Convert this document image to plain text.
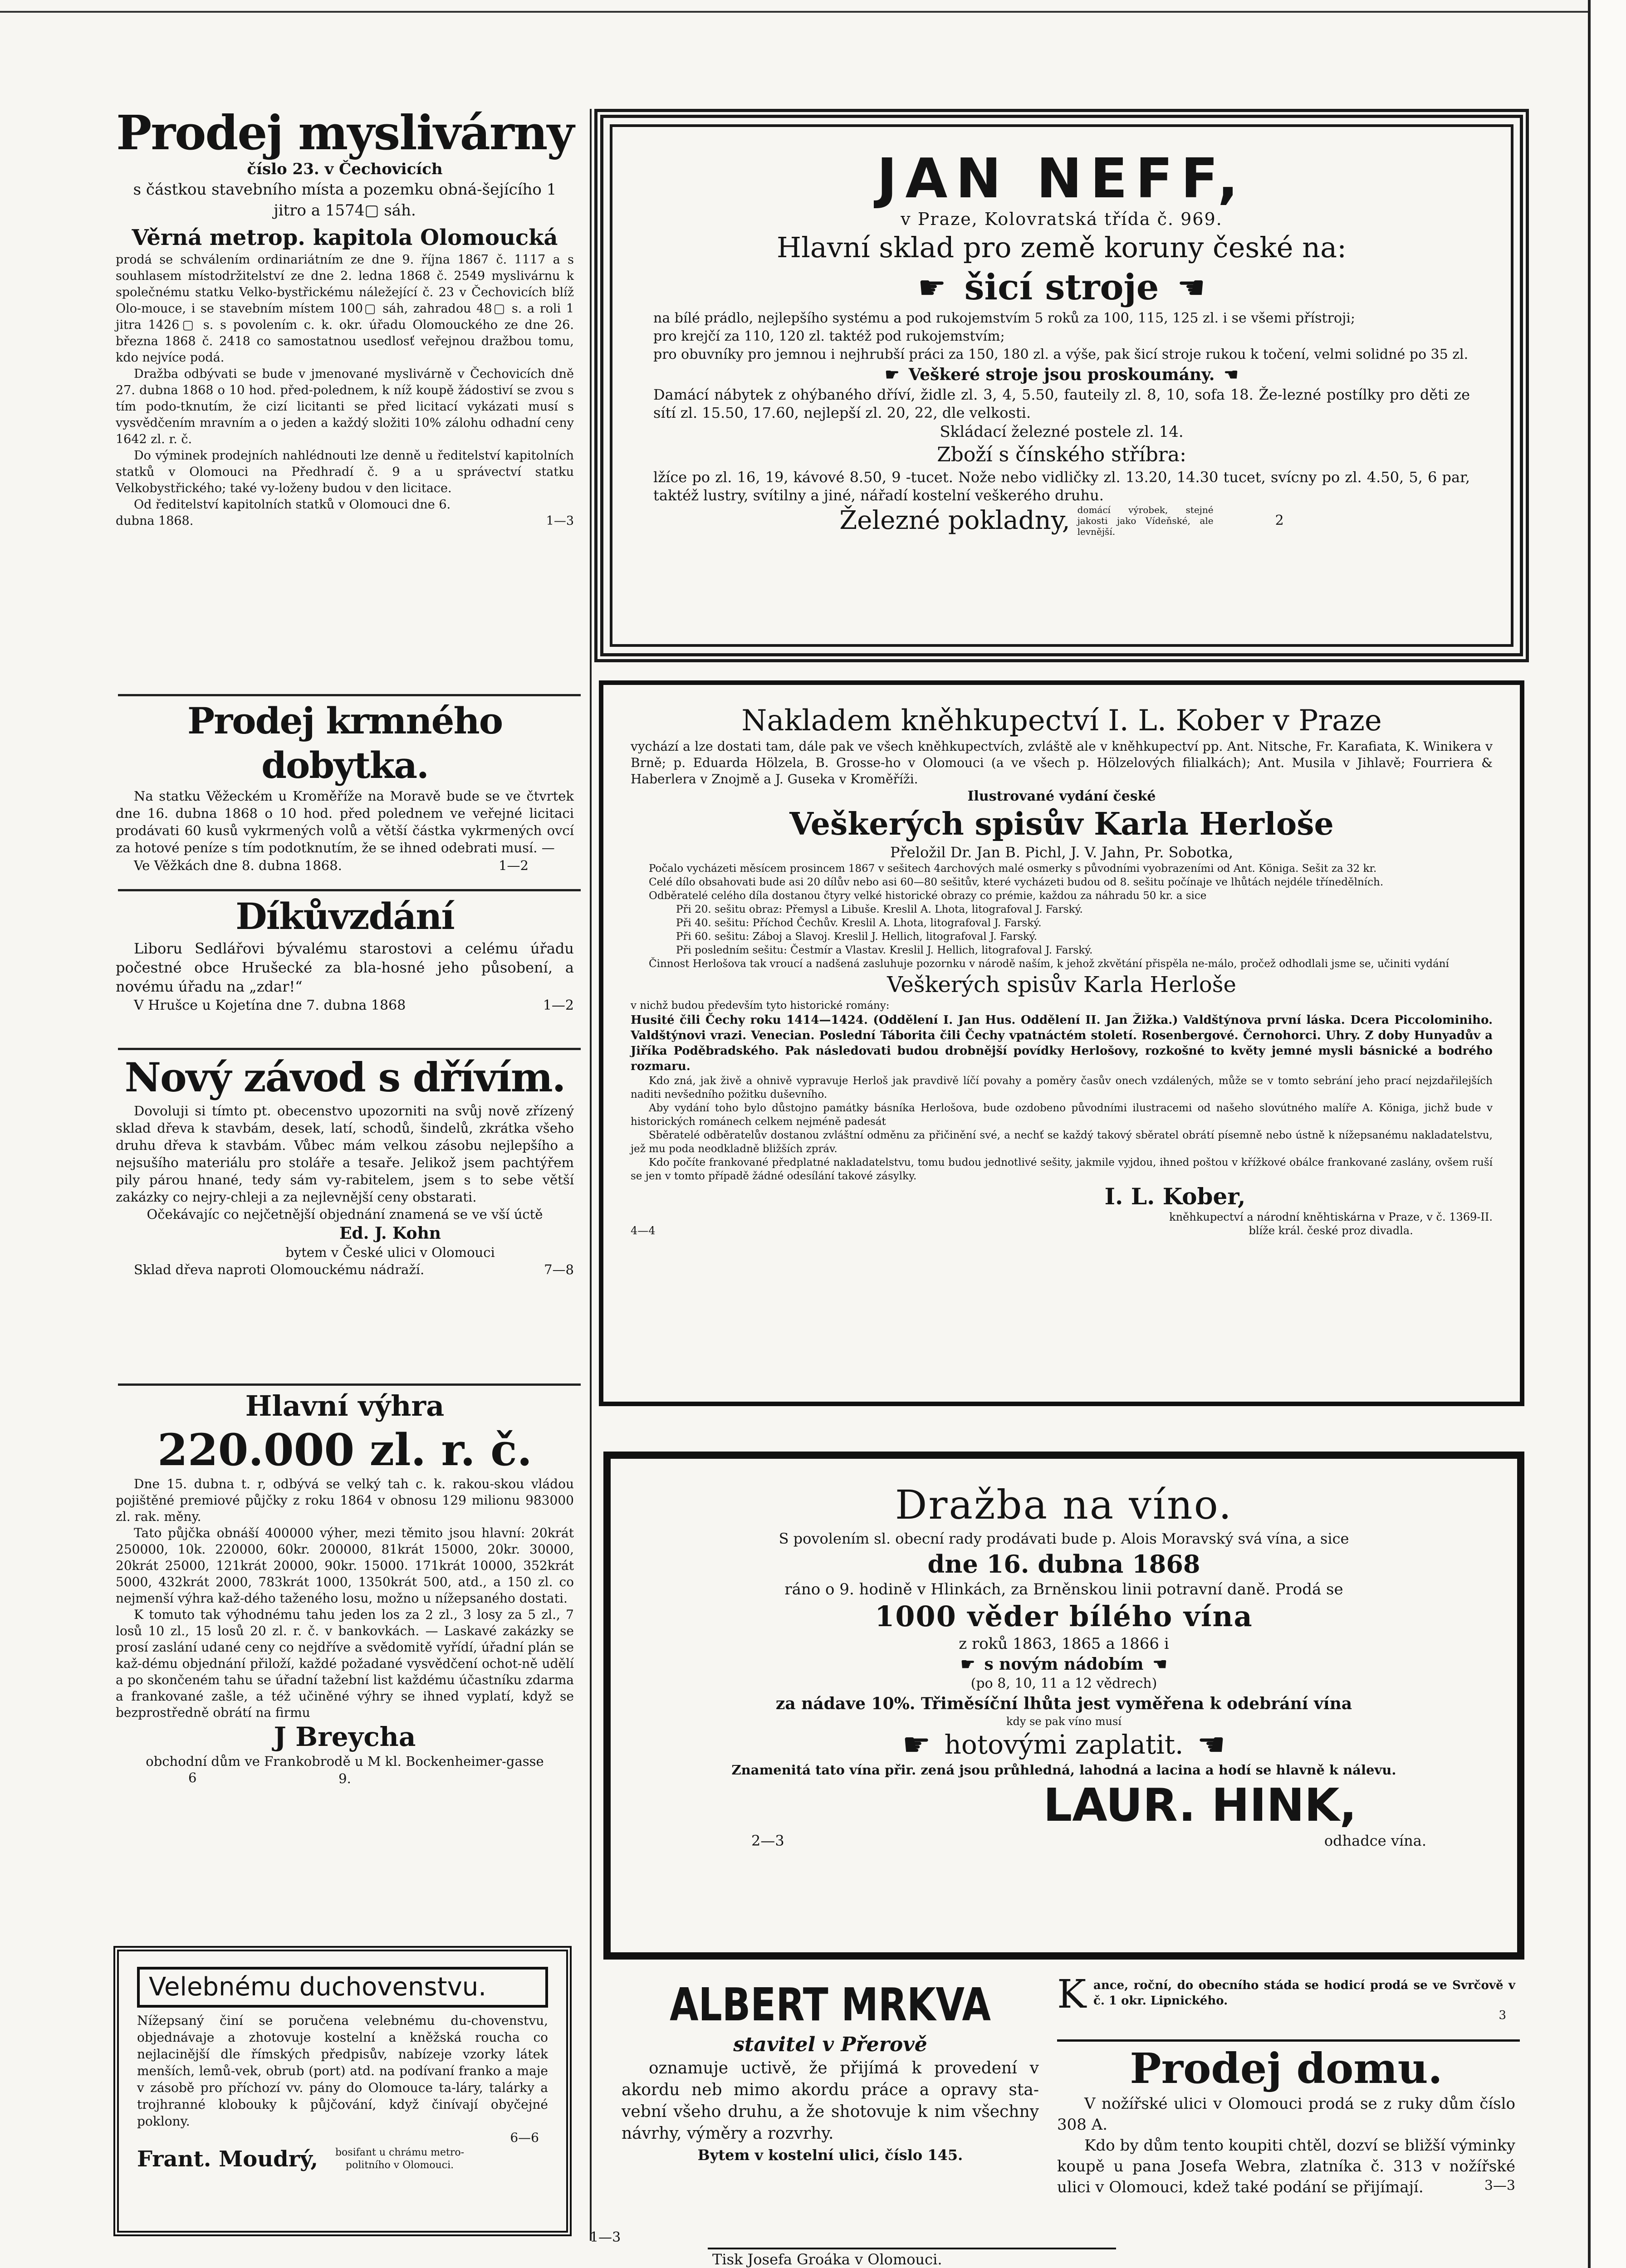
Prodej myslivárny
číslo 23. v Čechovicích
s částkou stavebního místa a pozemku obná-šejícího 1 jitro a 1574▢ sáh.
Věrná metrop. kapitola Olomoucká
prodá se schválením ordinariátním ze dne 9. října 1867 č. 1117 a s souhlasem místodržitelství ze dne 2. ledna 1868 č. 2549 myslivárnu k společnému statku Velko-bystřickému náležející č. 23 v Čechovicích blíž Olo-mouce, i se stavebním místem 100▢ sáh, zahradou 48▢ s. a roli 1 jitra 1426▢ s. s povolením c. k. okr. úřadu Olomouckého ze dne 26. března 1868 č. 2418 co samostatnou usedlosť veřejnou dražbou tomu, kdo nejvíce podá.
Dražba odbývati se bude v jmenované myslivárně v Čechovicích dně 27. dubna 1868 o 10 hod. před-polednem, k níž koupě žádostiví se zvou s tím podo-tknutím, že cizí licitanti se před licitací vykázati musí s vysvědčením mravním a o jeden a každý složiti 10% zálohu odhadní ceny 1642 zl. r. č.
Do výminek prodejních nahlédnouti lze denně u ředitelství kapitolních statků v Olomouci na Předhradí č. 9 a u správectví statku Velkobystřického; také vy-loženy budou v den licitace.
Od ředitelství kapitolních statků v Olomouci dne 6. dubna 1868.	1—3
Prodej krmného dobytka.
Na statku Věžeckém u Kroměříže na Moravě bude se ve čtvrtek dne 16. dubna 1868 o 10 hod. před polednem ve veřejné licitaci prodávati 60 kusů vykrmených volů a větší částka vykrmených ovcí za hotové peníze s tím podotknutím, že se ihned odebrati musí. —
Ve Věžkách dne 8. dubna 1868.	1—2
Díkůvzdání
Liboru Sedlářovi bývalému starostovi a celému úřadu počestné obce Hrušecké za bla-hosné jeho působení, a novému úřadu na „zdar!“
V Hrušce u Kojetína dne 7. dubna 1868	1—2
Nový závod s dřívím.
Dovoluji si tímto pt. obecenstvo upozorniti na svůj nově zřízený sklad dřeva k stavbám, desek, latí, schodů, šindelů, zkrátka všeho druhu dřeva k stavbám. Vůbec mám velkou zásobu nejlepšího a nejsušího materiálu pro stoláře a tesaře. Jelikož jsem pachtýřem pily párou hnané, tedy sám vy-rabitelem, jsem s to sebe větší zakázky co nejry-chleji a za nejlevnější ceny obstarati.
Očekávajíc co nejčetnější objednání znamená se ve vší úctě
Ed. J. Kohn
bytem v České ulici v Olomouci
Sklad dřeva naproti Olomouckému nádraží.	7—8
Hlavní výhra
220.000 zl. r. č.
Dne 15. dubna t. r, odbývá se velký tah c. k. rakou-skou vládou pojištěné premiové půjčky z roku 1864 v obnosu 129 milionu 983000 zl. rak. měny.
Tato půjčka obnáší 400000 výher, mezi těmito jsou hlavní: 20krát 250000, 10k. 220000, 60kr. 200000, 81krát 15000, 20kr. 30000, 20krát 25000, 121krát 20000, 90kr. 15000. 171krát 10000, 352krát 5000, 432krát 2000, 783krát 1000, 1350krát 500, atd., a 150 zl. co nejmenší výhra kaž-dého taženého losu, možno u nížepsaného dostati.
K tomuto tak výhodnému tahu jeden los za 2 zl., 3 losy za 5 zl., 7 losů 10 zl., 15 losů 20 zl. r. č. v bankovkách. — Laskavé zakázky se prosí zaslání udané ceny co nejdříve a svědomitě vyřídí, úřadní plán se kaž-dému objednání přiloží, každé požadané vysvědčení ochot-ně udělí a po skončeném tahu se úřadní tažební list každému účastníku zdarma a frankované zašle, a též učiněné výhry se ihned vyplatí, když se bezprostředně obrátí na firmu
J Breycha
obchodní dům ve Frankobrodě u M kl. Bockenheimer-gasse 9.
6
Velebnému duchovenstvu.
Nížepsaný činí se poručena velebnému du-chovenstvu, objednávaje a zhotovuje kostelní a kněžská roucha co nejlacinější dle římských předpisův, nabízeje vzorky látek menších, lemů-vek, obrub (port) atd. na podívaní franko a maje v zásobě pro příchozí vv. pány do Olomouce ta-láry, talárky a trojhranné klobouky k půjčování, když činívají obyčejné poklony.
6—6
Frant. Moudrý,	bosifant u chrámu metro-politního v Olomouci.
JAN NEFF,
v Praze, Kolovratská třída č. 969.
Hlavní sklad pro země koruny české na:
☛ šicí stroje ☚
na bílé prádlo, nejlepšího systému a pod rukojemstvím 5 roků za 100, 115, 125 zl. i se všemi přístroji;
pro krejčí za 110, 120 zl. taktéž pod rukojemstvím;
pro obuvníky pro jemnou i nejhrubší práci za 150, 180 zl. a výše, pak šicí stroje rukou k točení, velmi solidné po 35 zl.
☛ Veškeré stroje jsou proskoumány. ☚
Damácí nábytek z ohýbaného dříví, židle zl. 3, 4, 5.50, fauteily zl. 8, 10, sofa 18. Že-lezné postílky pro děti ze sítí zl. 15.50, 17.60, nejlepší zl. 20, 22, dle velkosti.
Skládací železné postele zl. 14.
Zboží s čínského stříbra:
lžíce po zl. 16, 19, kávové 8.50, 9 -tucet. Nože nebo vidličky zl. 13.20, 14.30 tucet, svícny po zl. 4.50, 5, 6 par, taktéž lustry, svítilny a jiné, nářadí kostelní veškerého druhu.
Železné pokladny, domácí výrobek, stejné jakosti jako Vídeňské, ale levnější.
2
Nakladem kněhkupectví I. L. Kober v Praze
vychází a lze dostati tam, dále pak ve všech kněhkupectvích, zvláště ale v kněhkupectví pp. Ant. Nitsche, Fr. Karafiata, K. Winikera v Brně; p. Eduarda Hölzela, B. Grosse-ho v Olomouci (a ve všech p. Hölzelových filialkách); Ant. Musila v Jihlavě; Fourriera & Haberlera v Znojmě a J. Guseka v Kroměříži.
Ilustrované vydání české
Veškerých spisův Karla Herloše
Přeložil Dr. Jan B. Pichl, J. V. Jahn, Pr. Sobotka,
Počalo vycházeti měsícem prosincem 1867 v sešitech 4archových malé osmerky s původními vyobrazeními od Ant. Königa. Sešit za 32 kr.
Celé dílo obsahovati bude asi 20 dílův nebo asi 60—80 sešitův, které vycházeti budou od 8. sešitu počínaje ve lhůtách nejdéle třínedělních.
Odběratelé celého díla dostanou čtyry velké historické obrazy co prémie, každou za náhradu 50 kr. a sice
Při 20. sešitu obraz: Přemysl a Libuše. Kreslil A. Lhota, litografoval J. Farský.
Při 40. sešitu: Příchod Čechův. Kreslil A. Lhota, litografoval J. Farský.
Při 60. sešitu: Záboj a Slavoj. Kreslil J. Hellich, litografoval J. Farský.
Při posledním sešitu: Čestmír a Vlastav. Kreslil J. Hellich, litografoval J. Farský.
Činnost Herlošova tak vroucí a nadšená zasluhuje pozornku v národě naším, k jehož zkvětání přispěla ne-málo, pročež odhodlali jsme se, učiniti vydání
Veškerých spisův Karla Herloše
v nichž budou především tyto historické romány:
Husité čili Čechy roku 1414—1424. (Oddělení I. Jan Hus. Oddělení II. Jan Žižka.) Valdštýnova první láska. Dcera Piccolominiho. Valdštýnovi vrazi. Venecian. Poslední Táborita čili Čechy vpatnáctém století. Rosenbergové. Černohorci. Uhry. Z doby Hunyadův a Jiříka Poděbradského. Pak následovati budou drobnější povídky Herlošovy, rozkošné to květy jemné mysli básnické a bodrého rozmaru.
Kdo zná, jak živě a ohnivě vypravuje Herloš jak pravdivě líčí povahy a poměry časův onech vzdálených, může se v tomto sebrání jeho prací nejzdařilejších naditi nevšedního požitku duševního.
Aby vydání toho bylo důstojno památky básníka Herlošova, bude ozdobeno původními ilustracemi od našeho slovútného malíře A. Königa, jichž bude v historických románech celkem nejméně padesát
Sběratelé odběratelův dostanou zvláštní odměnu za přičinění své, a nechť se každý takový sběratel obrátí písemně nebo ústně k nížepsanému nakladatelstvu, jež mu poda neodkladně bližších zpráv.
Kdo počíte frankované předplatné nakladatelstvu, tomu budou jednotlivé sešity, jakmile vyjdou, ihned poštou v křížkové obálce frankované zaslány, ovšem ruší se jen v tomto případě žádné odesílání takové zásylky.
I. L. Kober,
4—4
kněhkupectví a národní kněhtiskárna v Praze, v č. 1369-II.
blíže král. české proz divadla.
Dražba na víno.
S povolením sl. obecní rady prodávati bude p. Alois Moravský svá vína, a sice
dne 16. dubna 1868
ráno o 9. hodině v Hlinkách, za Brněnskou linii potravní daně. Prodá se
1000 věder bílého vína
z roků 1863, 1865 a 1866 i
☛ s novým nádobím ☚
(po 8, 10, 11 a 12 vědrech)
za nádave 10%. Třiměsíční lhůta jest vyměřena k odebrání vína
kdy se pak víno musí
☛ hotovými zaplatit. ☚
Znamenitá tato vína přir. zená jsou průhledná, lahodná a lacina a hodí se hlavně k nálevu.
LAUR. HINK,
2—3	odhadce vína.
ALBERT MRKVA
stavitel v Přerově
oznamuje uctivě, že přijímá k provedení v akordu neb mimo akordu práce a opravy sta-vební všeho druhu, a že shotovuje k nim všechny návrhy, výměry a rozvrhy.
Bytem v kostelní ulici, číslo 145.
1—3
K ance, roční, do obecního stáda se hodicí prodá se ve Svrčově v č. 1 okr. Lipnického.
3
Prodej domu.
V nožířské ulici v Olomouci prodá se z ruky dům číslo 308 A.
Kdo by dům tento koupiti chtěl, dozví se bližší výminky koupě u pana Josefa Webra, zlatníka č. 313 v nožířské ulici v Olomouci, kdež také podání se přijímají.	3—3
Tisk Josefa Groáka v Olomouci.
